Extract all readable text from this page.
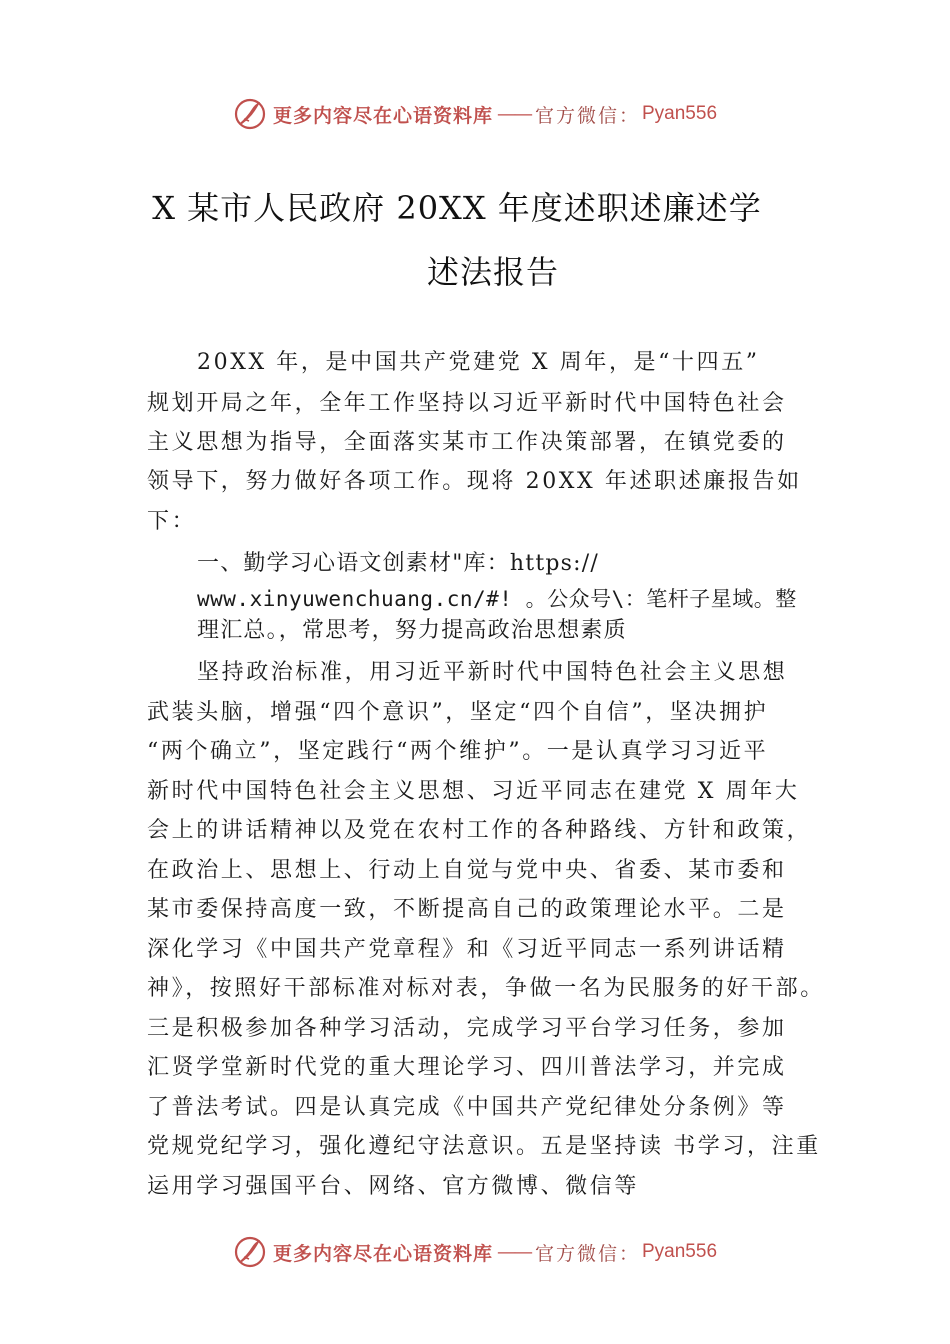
更多内容尽在心语资料库 —— 官方微信： Pyan556
X 某市人民政府 20XX 年度述职述廉述学
述法报告
20XX 年，是中国共产党建党 X 周年，是“十四五”
规划开局之年，全年工作坚持以习近平新时代中国特色社会
主义思想为指导，全面落实某市工作决策部署，在镇党委的
领导下，努力做好各项工作。现将 20XX 年述职述廉报告如
下：
一、勤学习心语文创素材"库：https://
www.xinyuwenchuang.cn/#! 。公众号\：笔杆子星域。整
理汇总。，常思考，努力提高政治思想素质
坚持政治标准，用习近平新时代中国特色社会主义思想
武装头脑，增强“四个意识”，坚定“四个自信”，坚决拥护
“两个确立”，坚定践行“两个维护”。一是认真学习习近平
新时代中国特色社会主义思想、习近平同志在建党 X 周年大
会上的讲话精神以及党在农村工作的各种路线、方针和政策，
在政治上、思想上、行动上自觉与党中央、省委、某市委和
某市委保持高度一致，不断提高自己的政策理论水平。二是
深化学习《中国共产党章程》和《习近平同志一系列讲话精
神》，按照好干部标准对标对表，争做一名为民服务的好干部。
三是积极参加各种学习活动，完成学习平台学习任务，参加
汇贤学堂新时代党的重大理论学习、四川普法学习，并完成
了普法考试。四是认真完成《中国共产党纪律处分条例》等
党规党纪学习，强化遵纪守法意识。五是坚持读 书学习，注重
运用学习强国平台、网络、官方微博、微信等
更多内容尽在心语资料库 —— 官方微信： Pyan556
